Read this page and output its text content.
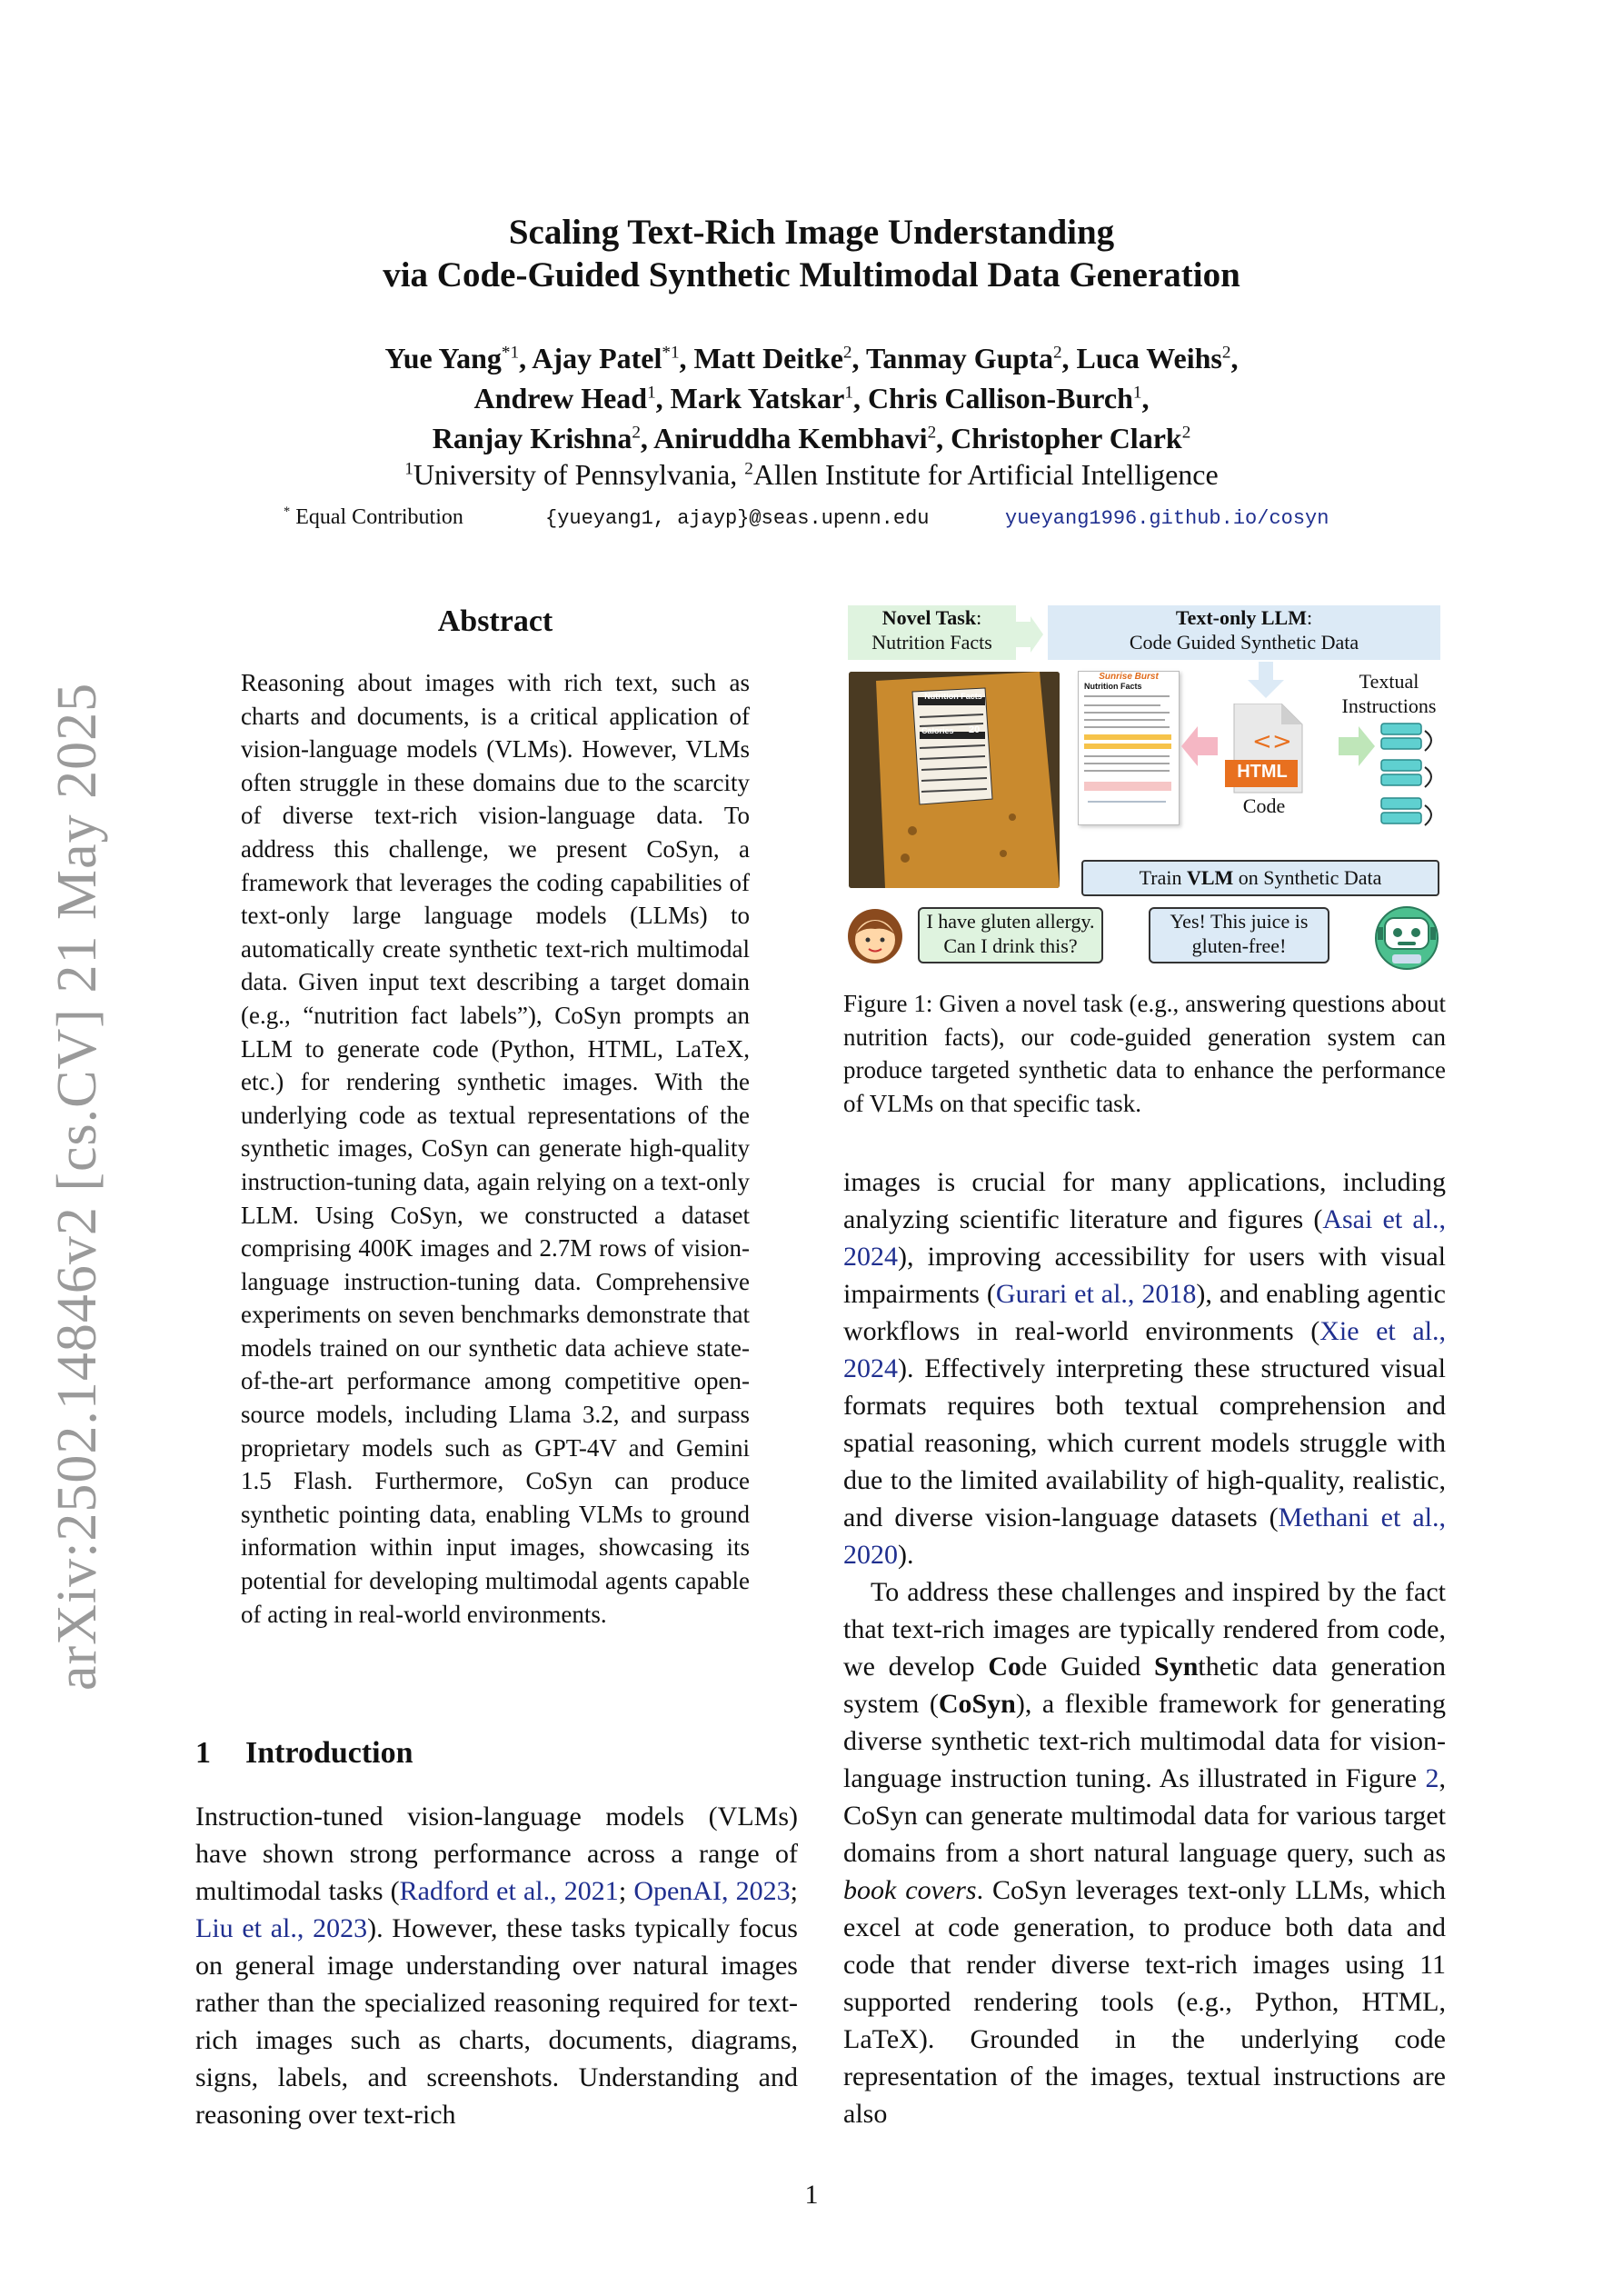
Scaling Text-Rich Image Understanding
via Code-Guided Synthetic Multimodal Data Generation
Yue Yang$^{*1}$, Ajay Patel$^{*1}$, Matt Deitke$^2$, Tanmay Gupta$^2$, Luca Weihs$^2$,
Andrew Head$^1$, Mark Yatskar$^1$, Chris Callison-Burch$^1$,
Ranjay Krishna$^2$, Aniruddha Kembhavi$^2$, Christopher Clark$^2$
$^1$University of Pennsylvania, $^2$Allen Institute for Artificial Intelligence
* Equal Contribution	{yueyang1, ajayp}@seas.upenn.edu	yueyang1996.github.io/cosyn
arXiv:2502.14846v2 [cs.CV] 21 May 2025
Abstract
Reasoning about images with rich text, such as charts and documents, is a critical application of vision-language models (VLMs). However, VLMs often struggle in these domains due to the scarcity of diverse text-rich vision-language data. To address this challenge, we present CoSyn, a framework that leverages the coding capabilities of text-only large language models (LLMs) to automatically create synthetic text-rich multimodal data. Given input text describing a target domain (e.g., “nutrition fact labels”), CoSyn prompts an LLM to generate code (Python, HTML, LaTeX, etc.) for rendering synthetic images. With the underlying code as textual representations of the synthetic images, CoSyn can generate high-quality instruction-tuning data, again relying on a text-only LLM. Using CoSyn, we constructed a dataset comprising 400K images and 2.7M rows of vision-language instruction-tuning data. Comprehensive experiments on seven benchmarks demonstrate that models trained on our synthetic data achieve state-of-the-art performance among competitive open-source models, including Llama 3.2, and surpass proprietary models such as GPT-4V and Gemini 1.5 Flash. Furthermore, CoSyn can produce synthetic pointing data, enabling VLMs to ground information within input images, showcasing its potential for developing multimodal agents capable of acting in real-world environments.
1 Introduction

Instruction-tuned vision-language models (VLMs) have shown strong performance across a range of multimodal tasks (Radford et al., 2021; OpenAI, 2023; Liu et al., 2023). However, these tasks typically focus on general image understanding over natural images rather than the specialized reasoning required for text-rich images such as charts, documents, diagrams, signs, labels, and screenshots. Understanding and reasoning over text-rich

Novel Task:
Nutrition Facts
Text-only LLM:
Code Guided Synthetic Data
Nutrition Facts
Calories 20
Sunrise Burst
Nutrition Facts
< >
HTML
Code
Textual Instructions
Train VLM on Synthetic Data
I have gluten allergy. Can I drink this?
Yes! This juice is gluten-free!
Figure 1: Given a novel task (e.g., answering questions about nutrition facts), our code-guided generation system can produce targeted synthetic data to enhance the performance of VLMs on that specific task.

images is crucial for many applications, including analyzing scientific literature and figures (Asai et al., 2024), improving accessibility for users with visual impairments (Gurari et al., 2018), and enabling agentic workflows in real-world environments (Xie et al., 2024). Effectively interpreting these structured visual formats requires both textual comprehension and spatial reasoning, which current models struggle with due to the limited availability of high-quality, realistic, and diverse vision-language datasets (Methani et al., 2020).

To address these challenges and inspired by the fact that text-rich images are typically rendered from code, we develop Code Guided Synthetic data generation system (CoSyn), a flexible framework for generating diverse synthetic text-rich multimodal data for vision-language instruction tuning. As illustrated in Figure 2, CoSyn can generate multimodal data for various target domains from a short natural language query, such as book covers. CoSyn leverages text-only LLMs, which excel at code generation, to produce both data and code that render diverse text-rich images using 11 supported rendering tools (e.g., Python, HTML, LaTeX). Grounded in the underlying code representation of the images, textual instructions are also

1
